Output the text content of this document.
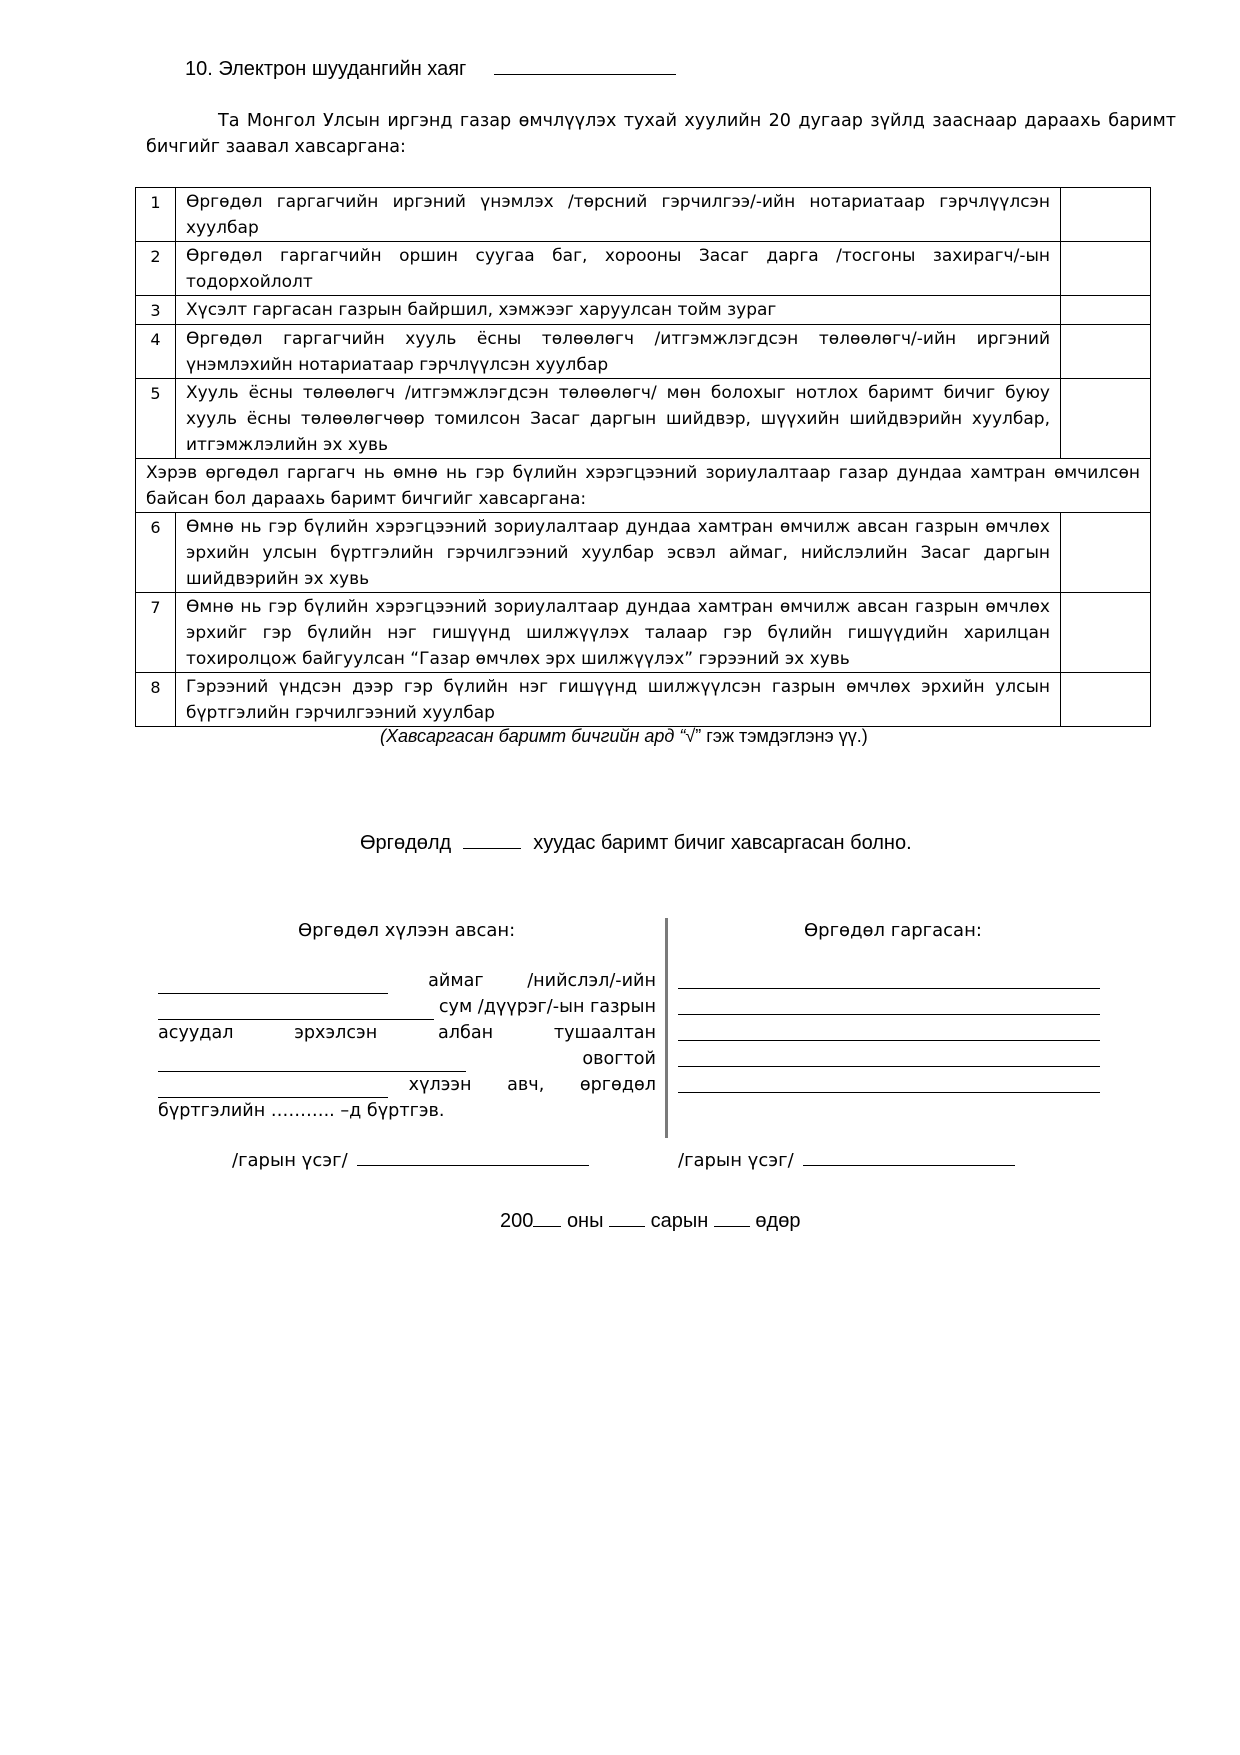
10. Электрон шуудангийн хаяг
Та Монгол Улсын иргэнд газар өмчлүүлэх тухай хуулийн 20 дугаар зүйлд зааснаар дараахь баримт бичгийг заавал хавсаргана:
1	Өргөдөл гаргагчийн иргэний үнэмлэх /төрсний гэрчилгээ/-ийн нотариатаар гэрчлүүлсэн хуулбар	
2	Өргөдөл гаргагчийн оршин суугаа баг, хорооны Засаг дарга /тосгоны захирагч/-ын тодорхойлолт	
3	Хүсэлт гаргасан газрын байршил, хэмжээг харуулсан тойм зураг	
4	Өргөдөл гаргагчийн хууль ёсны төлөөлөгч /итгэмжлэгдсэн төлөөлөгч/-ийн иргэний үнэмлэхийн нотариатаар гэрчлүүлсэн хуулбар	
5	Хууль ёсны төлөөлөгч /итгэмжлэгдсэн төлөөлөгч/ мөн болохыг нотлох баримт бичиг буюу хууль ёсны төлөөлөгчөөр томилсон Засаг даргын шийдвэр, шүүхийн шийдвэрийн хуулбар, итгэмжлэлийн эх хувь	
Хэрэв өргөдөл гаргагч нь өмнө нь гэр бүлийн хэрэгцээний зориулалтаар газар дундаа хамтран өмчилсөн байсан бол дараахь баримт бичгийг хавсаргана:		
6	Өмнө нь гэр бүлийн хэрэгцээний зориулалтаар дундаа хамтран өмчилж авсан газрын өмчлөх эрхийн улсын бүртгэлийн гэрчилгээний хуулбар эсвэл аймаг, нийслэлийн Засаг даргын шийдвэрийн эх хувь	
7	Өмнө нь гэр бүлийн хэрэгцээний зориулалтаар дундаа хамтран өмчилж авсан газрын өмчлөх эрхийг гэр бүлийн нэг гишүүнд шилжүүлэх талаар гэр бүлийн гишүүдийн харилцан тохиролцож байгуулсан “Газар өмчлөх эрх шилжүүлэх” гэрээний эх хувь	
8	Гэрээний үндсэн дээр гэр бүлийн нэг гишүүнд шилжүүлсэн газрын өмчлөх эрхийн улсын бүртгэлийн гэрчилгээний хуулбар	
(Хавсаргасан баримт бичгийн ард “√” гэж тэмдэглэнэ үү.)
Өргөдөлд	хуудас баримт бичиг хавсаргасан болно.
Өргөдөл хүлээн авсан:	Өргөдөл гаргасан:
аймаг /нийслэл/-ийн
сум /дүүрэг/-ын газрын
асуудал эрхэлсэн албан тушаалтан
овогтой
хүлээн авч, өргөдөл
бүртгэлийн ……….. –д бүртгэв.
/гарын үсэг/	/гарын үсэг/
200 оны сарын өдөр
